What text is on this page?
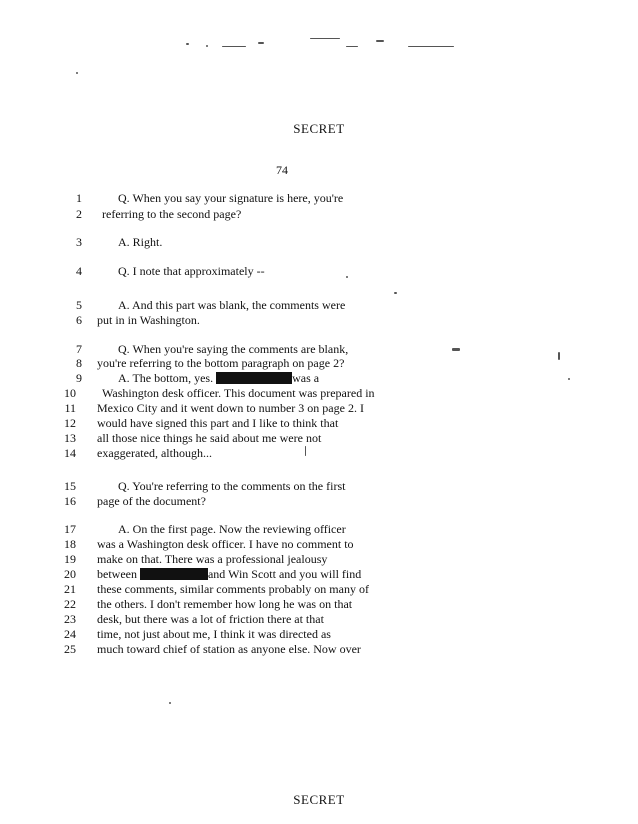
SECRET
74
1	Q. When you say your signature is here, you're
2 referring to the second page?
3	A. Right.
4	Q. I note that approximately --
5	A. And this part was blank, the comments were
6 put in in Washington.
7	Q. When you're saying the comments are blank,
8 you're referring to the bottom paragraph on page 2?
9	A. The bottom, yes.	was a
10 Washington desk officer. This document was prepared in
11 Mexico City and it went down to number 3 on page 2. I
12 would have signed this part and I like to think that
13 all those nice things he said about me were not
14 exaggerated, although...
15	Q. You're referring to the comments on the first
16 page of the document?
17	A. On the first page. Now the reviewing officer
18 was a Washington desk officer. I have no comment to
19 make on that. There was a professional jealousy
20 between	and Win Scott and you will find
21 these comments, similar comments probably on many of
22 the others. I don't remember how long he was on that
23 desk, but there was a lot of friction there at that
24 time, not just about me, I think it was directed as
25 much toward chief of station as anyone else. Now over
SECRET
